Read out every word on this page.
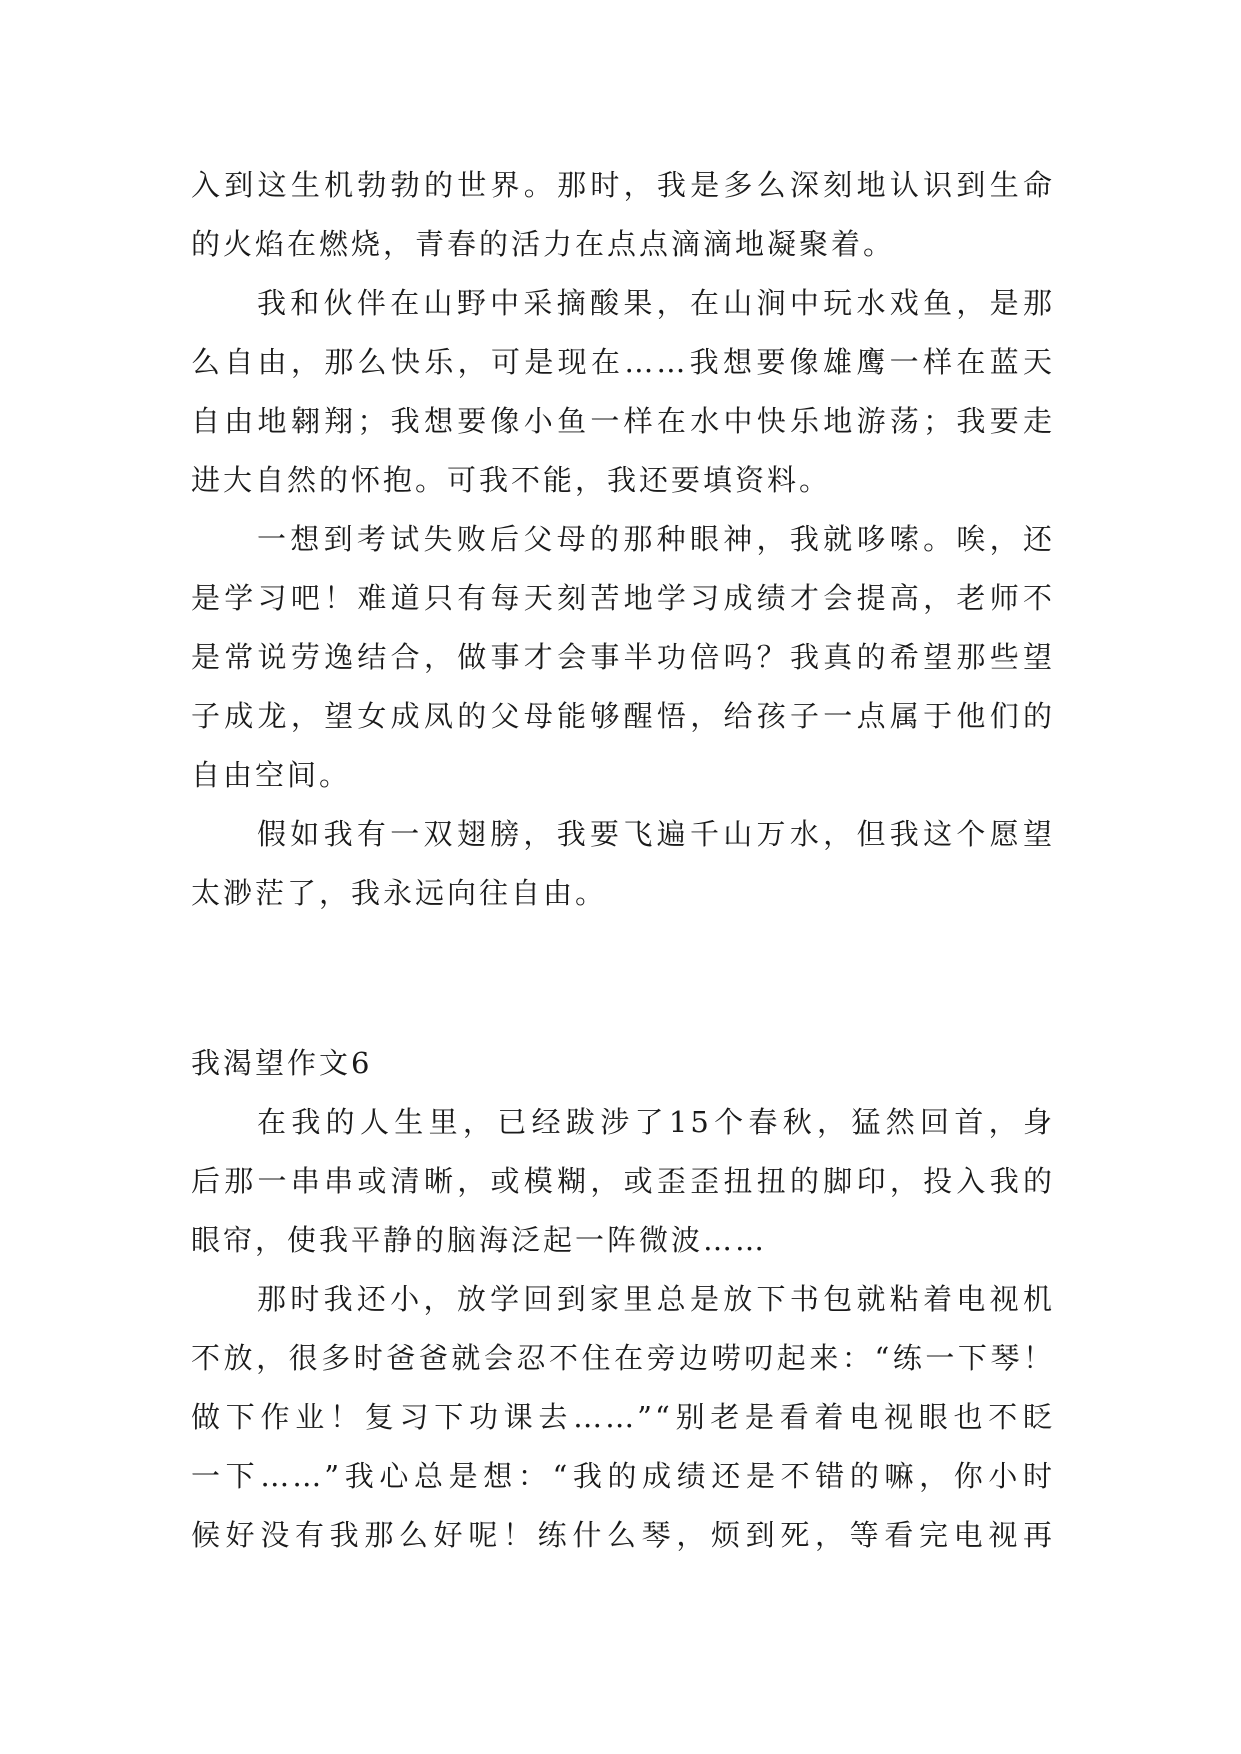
入到这生机勃勃的世界。那时，我是多么深刻地认识到生命
的火焰在燃烧，青春的活力在点点滴滴地凝聚着。
我和伙伴在山野中采摘酸果，在山涧中玩水戏鱼，是那
么自由，那么快乐，可是现在……我想要像雄鹰一样在蓝天
自由地翱翔；我想要像小鱼一样在水中快乐地游荡；我要走
进大自然的怀抱。可我不能，我还要填资料。
一想到考试失败后父母的那种眼神，我就哆嗦。唉，还
是学习吧！难道只有每天刻苦地学习成绩才会提高，老师不
是常说劳逸结合，做事才会事半功倍吗？我真的希望那些望
子成龙，望女成凤的父母能够醒悟，给孩子一点属于他们的
自由空间。
假如我有一双翅膀，我要飞遍千山万水，但我这个愿望
太渺茫了，我永远向往自由。
我渴望作文6
在我的人生里，已经跋涉了15个春秋，猛然回首，身
后那一串串或清晰，或模糊，或歪歪扭扭的脚印，投入我的
眼帘，使我平静的脑海泛起一阵微波……
那时我还小，放学回到家里总是放下书包就粘着电视机
不放，很多时爸爸就会忍不住在旁边唠叨起来：“练一下琴！
做下作业！复习下功课去……”“别老是看着电视眼也不眨
一下……”我心总是想：“我的成绩还是不错的嘛，你小时
候好没有我那么好呢！练什么琴，烦到死，等看完电视再
